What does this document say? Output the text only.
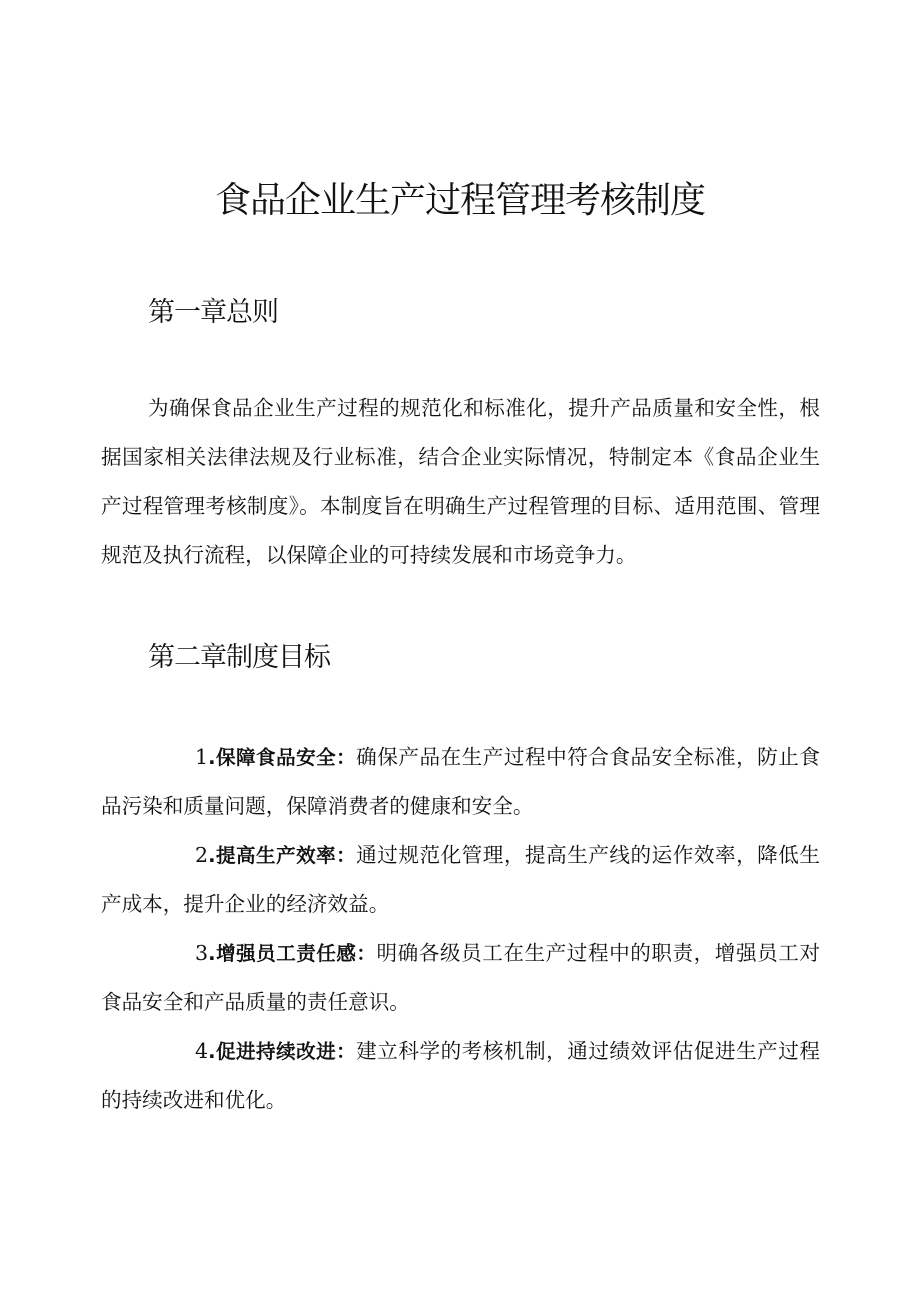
食品企业生产过程管理考核制度
第一章总则

为确保食品企业生产过程的规范化和标准化，提升产品质量和安全性，根据国家相关法律法规及行业标准，结合企业实际情况，特制定本《食品企业生产过程管理考核制度》。本制度旨在明确生产过程管理的目标、适用范围、管理规范及执行流程，以保障企业的可持续发展和市场竞争力。

第二章制度目标
1.保障食品安全：确保产品在生产过程中符合食品安全标准，防止食品污染和质量问题，保障消费者的健康和安全。
2.提高生产效率：通过规范化管理，提高生产线的运作效率，降低生产成本，提升企业的经济效益。
3.增强员工责任感：明确各级员工在生产过程中的职责，增强员工对食品安全和产品质量的责任意识。
4.促进持续改进：建立科学的考核机制，通过绩效评估促进生产过程的持续改进和优化。
